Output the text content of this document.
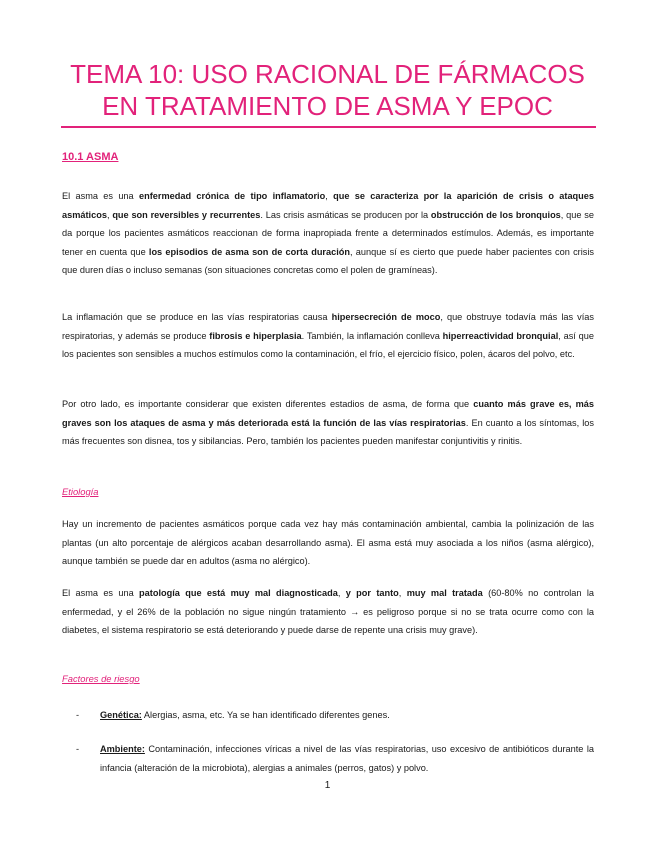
TEMA 10: USO RACIONAL DE FÁRMACOS
EN TRATAMIENTO DE ASMA Y EPOC
10.1 ASMA
El asma es una enfermedad crónica de tipo inflamatorio, que se caracteriza por la aparición de crisis o ataques asmáticos, que son reversibles y recurrentes. Las crisis asmáticas se producen por la obstrucción de los bronquios, que se da porque los pacientes asmáticos reaccionan de forma inapropiada frente a determinados estímulos. Además, es importante tener en cuenta que los episodios de asma son de corta duración, aunque sí es cierto que puede haber pacientes con crisis que duren días o incluso semanas (son situaciones concretas como el polen de gramíneas).
La inflamación que se produce en las vías respiratorias causa hipersecreción de moco, que obstruye todavía más las vías respiratorias, y además se produce fibrosis e hiperplasia. También, la inflamación conlleva hiperreactividad bronquial, así que los pacientes son sensibles a muchos estímulos como la contaminación, el frío, el ejercicio físico, polen, ácaros del polvo, etc.
Por otro lado, es importante considerar que existen diferentes estadios de asma, de forma que cuanto más grave es, más graves son los ataques de asma y más deteriorada está la función de las vías respiratorias. En cuanto a los síntomas, los más frecuentes son disnea, tos y sibilancias. Pero, también los pacientes pueden manifestar conjuntivitis y rinitis.
Etiología
Hay un incremento de pacientes asmáticos porque cada vez hay más contaminación ambiental, cambia la polinización de las plantas (un alto porcentaje de alérgicos acaban desarrollando asma). El asma está muy asociada a los niños (asma alérgico), aunque también se puede dar en adultos (asma no alérgico).
El asma es una patología que está muy mal diagnosticada, y por tanto, muy mal tratada (60-80% no controlan la enfermedad, y el 26% de la población no sigue ningún tratamiento → es peligroso porque si no se trata ocurre como con la diabetes, el sistema respiratorio se está deteriorando y puede darse de repente una crisis muy grave).
Factores de riesgo
- Genética: Alergias, asma, etc. Ya se han identificado diferentes genes.
- Ambiente: Contaminación, infecciones víricas a nivel de las vías respiratorias, uso excesivo de antibióticos durante la infancia (alteración de la microbiota), alergias a animales (perros, gatos) y polvo.
1
